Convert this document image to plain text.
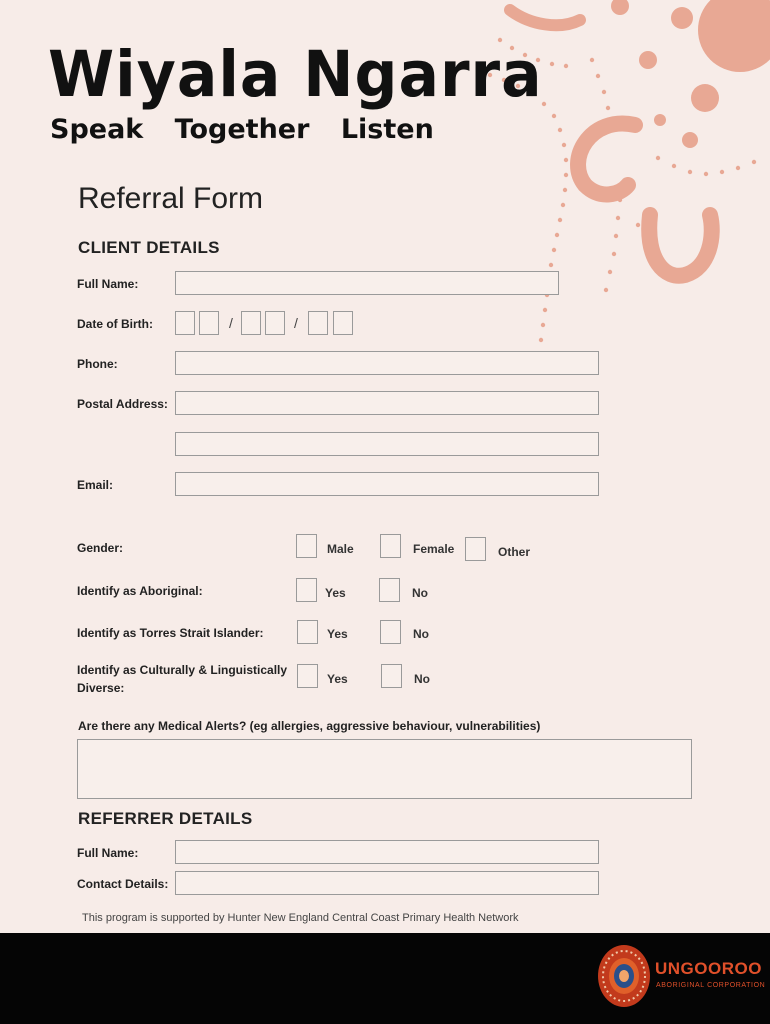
Wiyala Ngarra
Speak Together Listen
Referral Form
CLIENT DETAILS
Full Name:
Date of Birth:	/	/
Phone:
Postal Address:
Email:
Gender:	Male	Female	Other
Identify as Aboriginal:	Yes	No
Identify as Torres Strait Islander:	Yes	No
Identify as Culturally & Linguistically
Diverse:
Yes	No
Are there any Medical Alerts? (eg allergies, aggressive behaviour, vulnerabilities)
REFERRER DETAILS
Full Name:
Contact Details:
This program is supported by Hunter New England Central Coast Primary Health Network
UNGOOROO
ABORIGINAL CORPORATION
